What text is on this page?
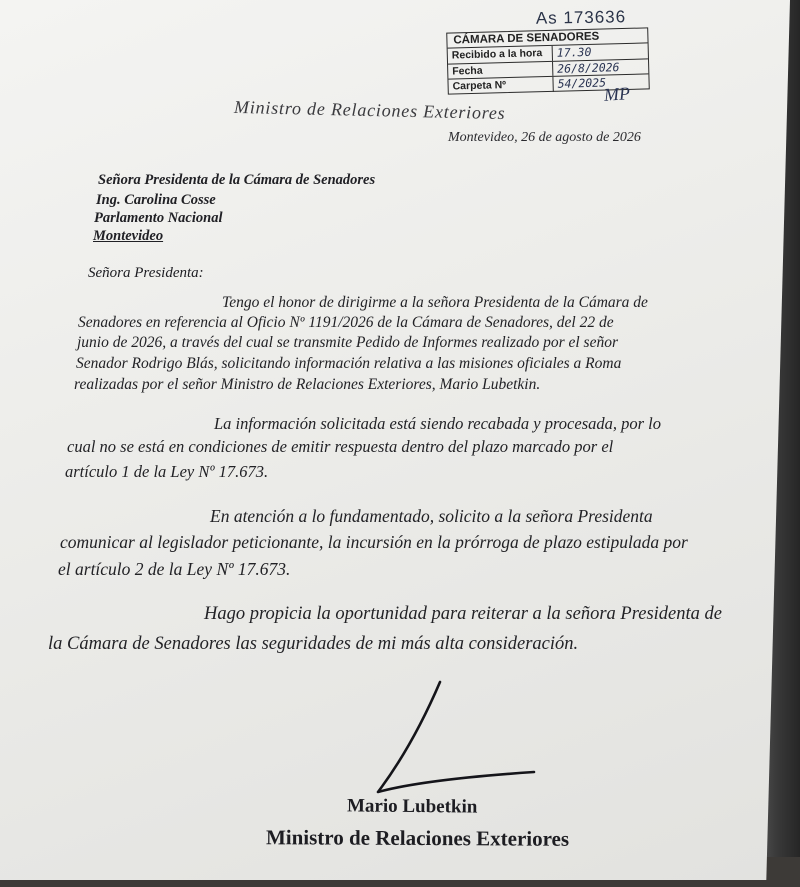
As 173636
CÁMARA DE SENADORES
Recibido a la hora	17.30
Fecha	26/8/2026
Carpeta Nº	54/2025
MP
Ministro de Relaciones Exteriores
Montevideo, 26 de agosto de 2026
Señora Presidenta de la Cámara de Senadores
Ing. Carolina Cosse
Parlamento Nacional
Montevideo
Señora Presidenta:
Tengo el honor de dirigirme a la señora Presidenta de la Cámara de
Senadores en referencia al Oficio Nº 1191/2026 de la Cámara de Senadores, del 22 de
junio de 2026, a través del cual se transmite Pedido de Informes realizado por el señor
Senador Rodrigo Blás, solicitando información relativa a las misiones oficiales a Roma
realizadas por el señor Ministro de Relaciones Exteriores, Mario Lubetkin.
La información solicitada está siendo recabada y procesada, por lo
cual no se está en condiciones de emitir respuesta dentro del plazo marcado por el
artículo 1 de la Ley Nº 17.673.
En atención a lo fundamentado, solicito a la señora Presidenta
comunicar al legislador peticionante, la incursión en la prórroga de plazo estipulada por
el artículo 2 de la Ley Nº 17.673.
Hago propicia la oportunidad para reiterar a la señora Presidenta de
la Cámara de Senadores las seguridades de mi más alta consideración.
Mario Lubetkin
Ministro de Relaciones Exteriores
